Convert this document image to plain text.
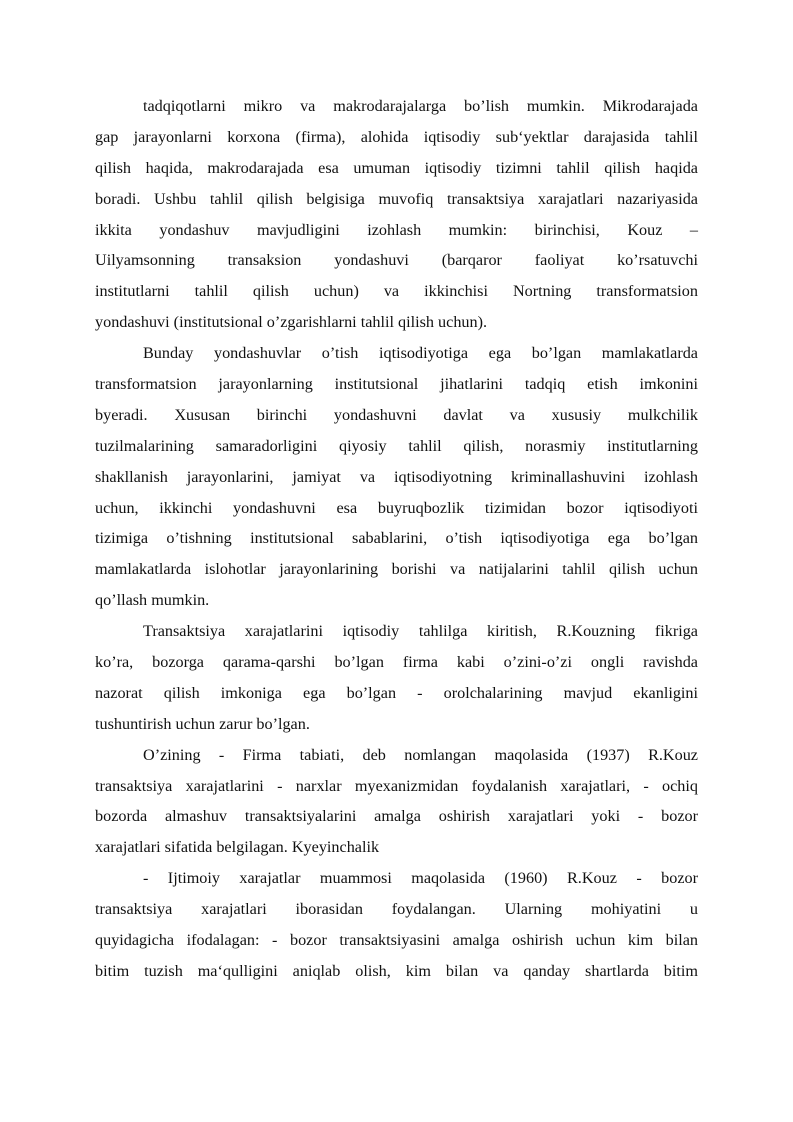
tadqiqotlarni mikro va makrodarajalarga bo’lish mumkin. Mikrodarajada
gap jarayonlarni korxona (firma), alohida iqtisodiy sub‘yektlar darajasida tahlil
qilish haqida, makrodarajada esa umuman iqtisodiy tizimni tahlil qilish haqida
boradi. Ushbu tahlil qilish belgisiga muvofiq transaktsiya xarajatlari nazariyasida
ikkita yondashuv mavjudligini izohlash mumkin: birinchisi, Kouz –
Uilyamsonning transaksion yondashuvi (barqaror faoliyat ko’rsatuvchi
institutlarni tahlil qilish uchun) va ikkinchisi Nortning transformatsion
yondashuvi (institutsional o’zgarishlarni tahlil qilish uchun).
Bunday yondashuvlar o’tish iqtisodiyotiga ega bo’lgan mamlakatlarda
transformatsion jarayonlarning institutsional jihatlarini tadqiq etish imkonini
byeradi. Xususan birinchi yondashuvni davlat va xususiy mulkchilik
tuzilmalarining samaradorligini qiyosiy tahlil qilish, norasmiy institutlarning
shakllanish jarayonlarini, jamiyat va iqtisodiyotning kriminallashuvini izohlash
uchun, ikkinchi yondashuvni esa buyruqbozlik tizimidan bozor iqtisodiyoti
tizimiga o’tishning institutsional sabablarini, o’tish iqtisodiyotiga ega bo’lgan
mamlakatlarda islohotlar jarayonlarining borishi va natijalarini tahlil qilish uchun
qo’llash mumkin.
Transaktsiya xarajatlarini iqtisodiy tahlilga kiritish, R.Kouzning fikriga
ko’ra, bozorga qarama-qarshi bo’lgan firma kabi o’zini-o’zi ongli ravishda
nazorat qilish imkoniga ega bo’lgan - orolchalarining mavjud ekanligini
tushuntirish uchun zarur bo’lgan.
O’zining - Firma tabiati, deb nomlangan maqolasida (1937) R.Kouz
transaktsiya xarajatlarini - narxlar myexanizmidan foydalanish xarajatlari, - ochiq
bozorda almashuv transaktsiyalarini amalga oshirish xarajatlari yoki - bozor
xarajatlari sifatida belgilagan. Kyeyinchalik
- Ijtimoiy xarajatlar muammosi maqolasida (1960) R.Kouz - bozor
transaktsiya xarajatlari iborasidan foydalangan. Ularning mohiyatini u
quyidagicha ifodalagan: - bozor transaktsiyasini amalga oshirish uchun kim bilan
bitim tuzish ma‘qulligini aniqlab olish, kim bilan va qanday shartlarda bitim
